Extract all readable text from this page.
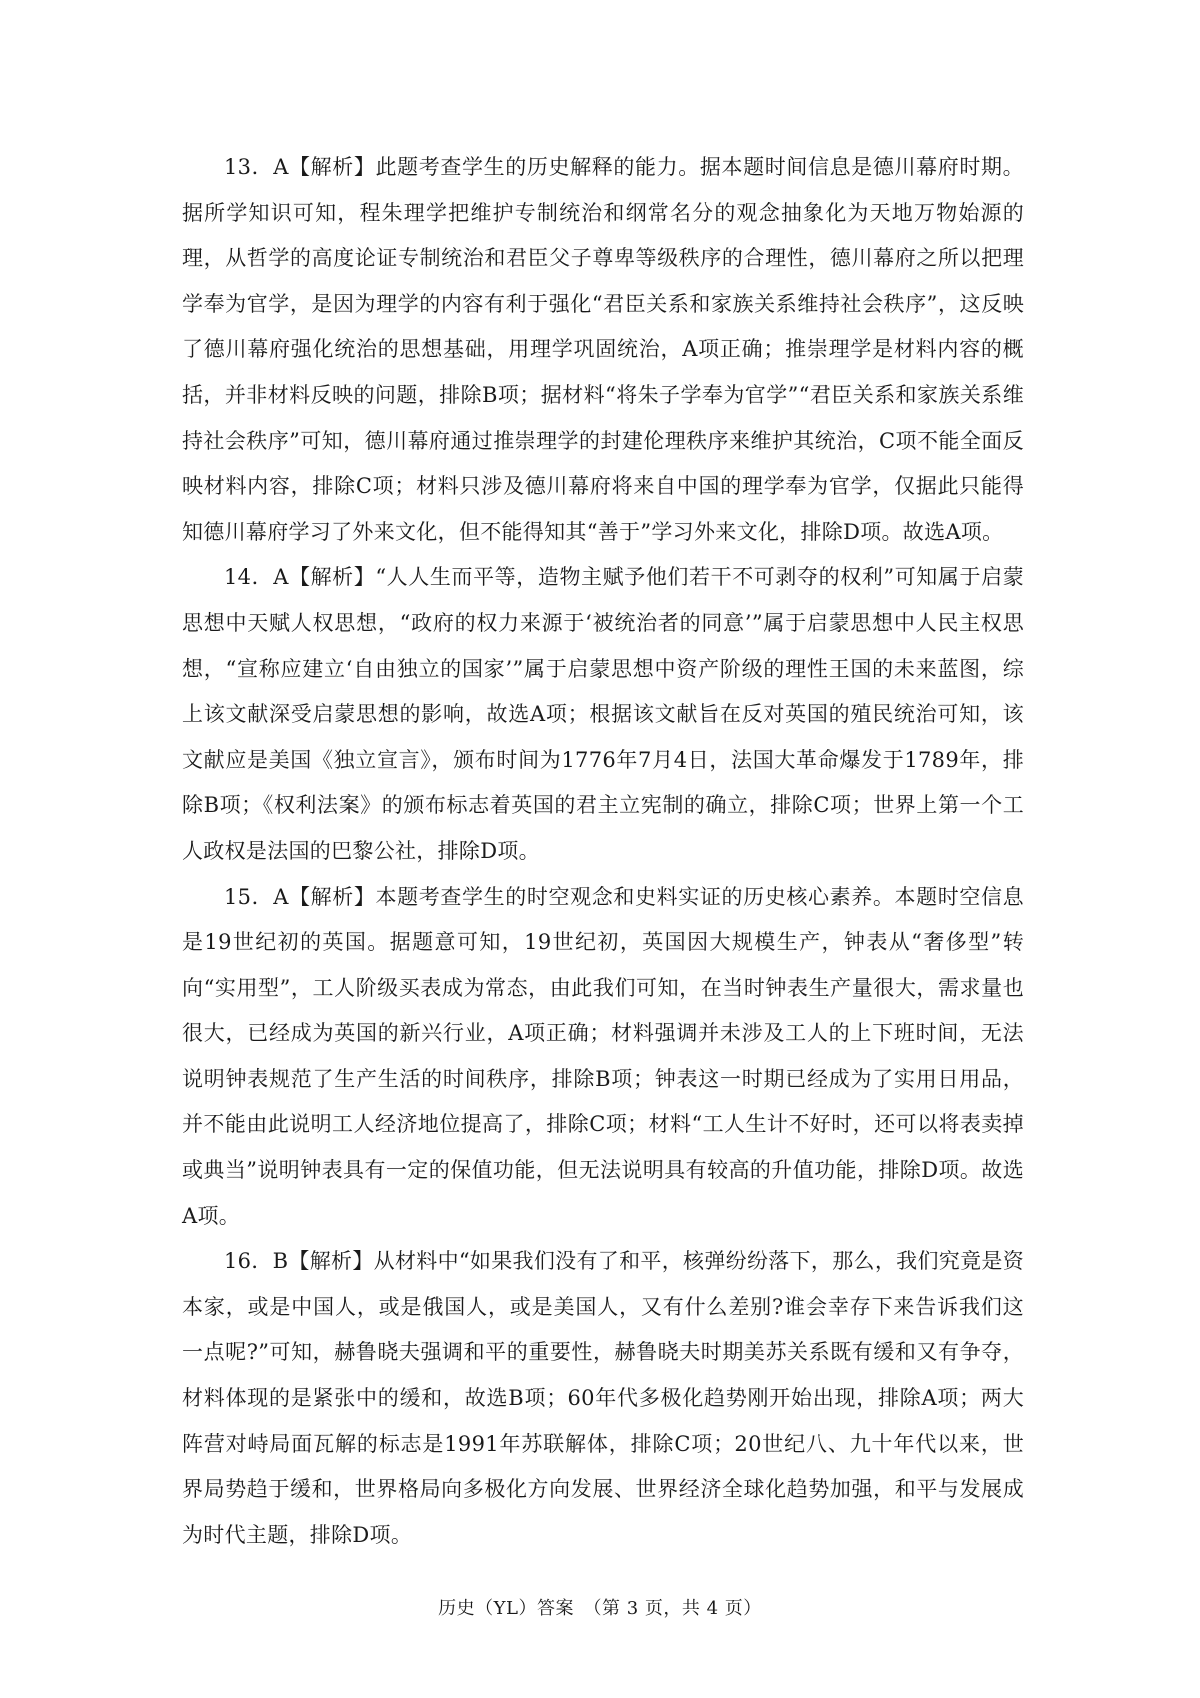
13．A【解析】此题考查学生的历史解释的能力。据本题时间信息是德川幕府时期。据所学知识可知，程朱理学把维护专制统治和纲常名分的观念抽象化为天地万物始源的理，从哲学的高度论证专制统治和君臣父子尊卑等级秩序的合理性，德川幕府之所以把理学奉为官学，是因为理学的内容有利于强化“君臣关系和家族关系维持社会秩序”，这反映了德川幕府强化统治的思想基础，用理学巩固统治，A项正确；推崇理学是材料内容的概括，并非材料反映的问题，排除B项；据材料“将朱子学奉为官学”“君臣关系和家族关系维持社会秩序”可知，德川幕府通过推崇理学的封建伦理秩序来维护其统治，C项不能全面反映材料内容，排除C项；材料只涉及德川幕府将来自中国的理学奉为官学，仅据此只能得知德川幕府学习了外来文化，但不能得知其“善于”学习外来文化，排除D项。故选A项。

14．A【解析】“人人生而平等，造物主赋予他们若干不可剥夺的权利”可知属于启蒙思想中天赋人权思想，“政府的权力来源于‘被统治者的同意’”属于启蒙思想中人民主权思想，“宣称应建立‘自由独立的国家’”属于启蒙思想中资产阶级的理性王国的未来蓝图，综上该文献深受启蒙思想的影响，故选A项；根据该文献旨在反对英国的殖民统治可知，该文献应是美国《独立宣言》，颁布时间为1776年7月4日，法国大革命爆发于1789年，排除B项；《权利法案》的颁布标志着英国的君主立宪制的确立，排除C项；世界上第一个工人政权是法国的巴黎公社，排除D项。

15．A【解析】本题考查学生的时空观念和史料实证的历史核心素养。本题时空信息是19世纪初的英国。据题意可知，19世纪初，英国因大规模生产，钟表从“奢侈型”转向“实用型”，工人阶级买表成为常态，由此我们可知，在当时钟表生产量很大，需求量也很大，已经成为英国的新兴行业，A项正确；材料强调并未涉及工人的上下班时间，无法说明钟表规范了生产生活的时间秩序，排除B项；钟表这一时期已经成为了实用日用品，并不能由此说明工人经济地位提高了，排除C项；材料“工人生计不好时，还可以将表卖掉或典当”说明钟表具有一定的保值功能，但无法说明具有较高的升值功能，排除D项。故选A项。

16．B【解析】从材料中“如果我们没有了和平，核弹纷纷落下，那么，我们究竟是资本家，或是中国人，或是俄国人，或是美国人，又有什么差别?谁会幸存下来告诉我们这一点呢?”可知，赫鲁晓夫强调和平的重要性，赫鲁晓夫时期美苏关系既有缓和又有争夺，材料体现的是紧张中的缓和，故选B项；60年代多极化趋势刚开始出现，排除A项；两大阵营对峙局面瓦解的标志是1991年苏联解体，排除C项；20世纪八、九十年代以来，世界局势趋于缓和，世界格局向多极化方向发展、世界经济全球化趋势加强，和平与发展成为时代主题，排除D项。

历史（YL）答案　（第 3 页，共 4 页）
